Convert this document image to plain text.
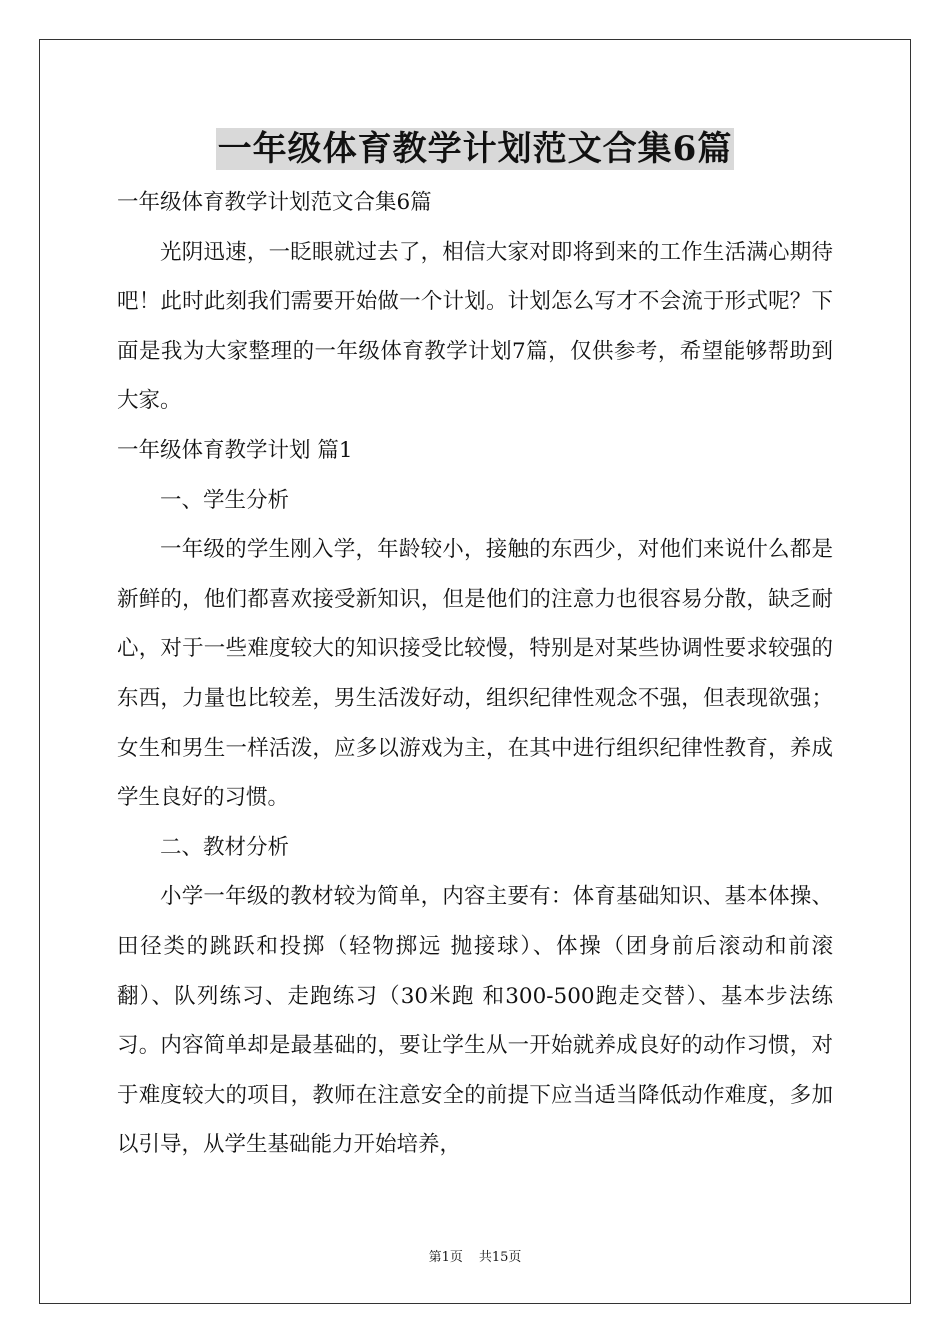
一年级体育教学计划范文合集6篇

一年级体育教学计划范文合集6篇

光阴迅速，一眨眼就过去了，相信大家对即将到来的工作生活满心期待吧！此时此刻我们需要开始做一个计划。计划怎么写才不会流于形式呢？下面是我为大家整理的一年级体育教学计划7篇，仅供参考，希望能够帮助到大家。

一年级体育教学计划 篇1

一、学生分析

一年级的学生刚入学，年龄较小，接触的东西少，对他们来说什么都是新鲜的，他们都喜欢接受新知识，但是他们的注意力也很容易分散，缺乏耐心，对于一些难度较大的知识接受比较慢，特别是对某些协调性要求较强的东西，力量也比较差，男生活泼好动，组织纪律性观念不强，但表现欲强；女生和男生一样活泼，应多以游戏为主，在其中进行组织纪律性教育，养成学生良好的习惯。

二、教材分析

小学一年级的教材较为简单，内容主要有：体育基础知识、基本体操、田径类的跳跃和投掷（轻物掷远 抛接球）、体操（团身前后滚动和前滚翻）、队列练习、走跑练习（30米跑 和300-500跑走交替）、基本步法练习。内容简单却是最基础的，要让学生从一开始就养成良好的动作习惯，对于难度较大的项目，教师在注意安全的前提下应当适当降低动作难度，多加以引导，从学生基础能力开始培养，

第1页 共15页
